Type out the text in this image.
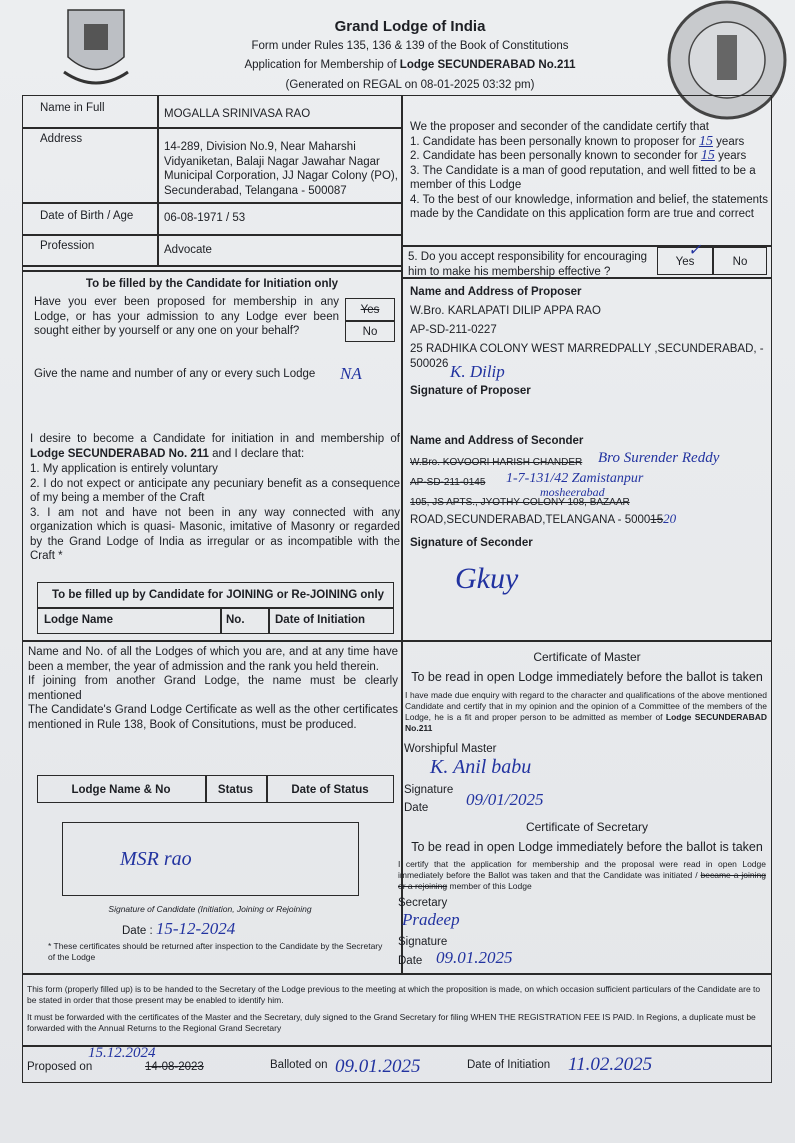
Grand Lodge of India
Form under Rules 135, 136 & 139 of the Book of Constitutions
Application for Membership of Lodge SECUNDERABAD No.211
(Generated on REGAL on 08-01-2025 03:32 pm)
Name in Full	MOGALLA SRINIVASA RAO
Address
14-289, Division No.9, Near Maharshi Vidyaniketan, Balaji Nagar Jawahar Nagar Municipal Corporation, JJ Nagar Colony (PO), Secunderabad, Telangana - 500087
Date of Birth / Age	06-08-1971 / 53
Profession	Advocate
We the proposer and seconder of the candidate certify that
1. Candidate has been personally known to proposer for 15 years
2. Candidate has been personally known to seconder for 15 years
3. The Candidate is a man of good reputation, and well fitted to be a member of this Lodge
4. To the best of our knowledge, information and belief, the statements made by the Candidate on this application form are true and correct
5. Do you accept responsibility for encouraging him to make his membership effective ?
Yes
✓
No
Name and Address of Proposer
W.Bro. KARLAPATI DILIP APPA RAO
AP-SD-211-0227
25 RADHIKA COLONY WEST MARREDPALLY ,SECUNDERABAD, - 500026 K. Dilip
Signature of Proposer
Name and Address of Seconder
W.Bro. KOVOORI HARISH CHANDER Bro Surender Reddy
AP-SD-211-0145 1-7-131/42 Zamistanpur
mosheerabad
105, JS APTS., JYOTHY COLONY 108, BAZAAR
ROAD,SECUNDERABAD,TELANGANA - 50001520
Signature of Seconder
Gkuy
To be filled by the Candidate for Initiation only
Have you ever been proposed for membership in any Lodge, or has your admission to any Lodge ever been sought either by yourself or any one on your behalf?
Yes
No
Give the name and number of any or every such Lodge NA
I desire to become a Candidate for initiation in and membership of Lodge SECUNDERABAD No. 211 and I declare that:
1. My application is entirely voluntary
2. I do not expect or anticipate any pecuniary benefit as a consequence of my being a member of the Craft
3. I am not and have not been in any way connected with any organization which is quasi- Masonic, imitative of Masonry or regarded by the Grand Lodge of India as irregular or as incompatible with the Craft *
To be filled up by Candidate for JOINING or Re-JOINING only
Lodge Name	No.	Date of Initiation
Name and No. of all the Lodges of which you are, and at any time have been a member, the year of admission and the rank you held therein.
If joining from another Grand Lodge, the name must be clearly mentioned
The Candidate's Grand Lodge Certificate as well as the other certificates mentioned in Rule 138, Book of Consitutions, must be produced.
Lodge Name & No	Status	Date of Status
MSR rao
Signature of Candidate (Initiation, Joining or Rejoining
Date : 15-12-2024
* These certificates should be returned after inspection to the Candidate by the Secretary of the Lodge
Certificate of Master
To be read in open Lodge immediately before the ballot is taken
I have made due enquiry with regard to the character and qualifications of the above mentioned Candidate and certify that in my opinion and the opinion of a Committee of the members of the Lodge, he is a fit and proper person to be admitted as member of Lodge SECUNDERABAD No.211
Worshipful Master
K. Anil babu
Signature
Date 09/01/2025
Certificate of Secretary
To be read in open Lodge immediately before the ballot is taken
I certify that the application for membership and the proposal were read in open Lodge immediately before the Ballot was taken and that the Candidate was initiated / became a joining or a rejoining member of this Lodge
Secretary
Pradeep
Signature
Date 09.01.2025
This form (properly filled up) is to be handed to the Secretary of the Lodge previous to the meeting at which the proposition is made, on which occasion sufficient particulars of the Candidate are to be stated in order that those present may be enabled to identify him.
It must be forwarded with the certificates of the Master and the Secretary, duly signed to the Grand Secretary for filing WHEN THE REGISTRATION FEE IS PAID. In Regions, a duplicate must be forwarded with the Annual Returns to the Regional Grand Secretary
Proposed on	14-08-2023
15.12.2024
Balloted on 09.01.2025	Date of Initiation 11.02.2025
